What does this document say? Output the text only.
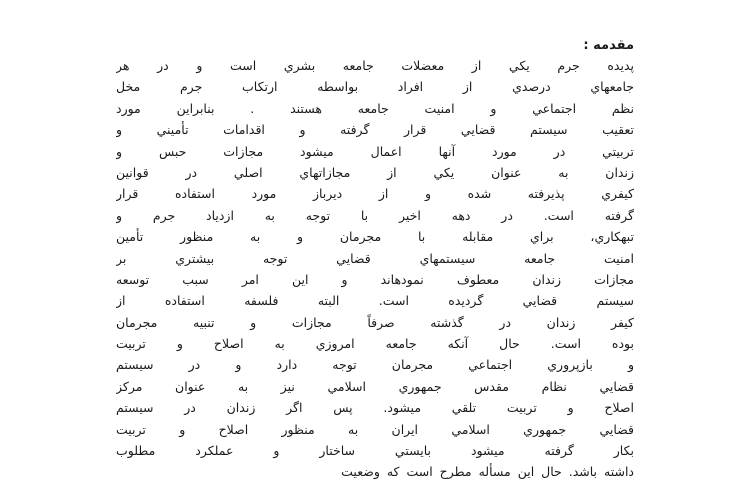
مقدمه :
پديده جرم يكي از معضلات جامعه بشري است و در هر
جامعهاي درصدي از افراد بواسطه ارتكاب جرم مخل
نظم اجتماعي و امنيت جامعه هستند . بنابراين مورد
تعقيب سيستم قضايي قرار گرفته و اقدامات تأميني و
تربيتي در مورد آنها اعمال ميشود مجازات حبس و
زندان به عنوان يكي از مجازاتهاي اصلي در قوانين
كيفري پذيرفته شده و از ديرباز مورد استفاده قرار
گرفته است. در دهه اخير با توجه به ازدياد جرم و
تبهكاري، براي مقابله با مجرمان و به منظور تأمين
امنيت جامعه سيستمهاي قضايي توجه بيشتري بر
مجازات زندان معطوف نمودهاند و اين امر سبب توسعه
سيستم قضايي گرديده است. البته فلسفه استفاده از
كيفر زندان در گذشته صرفاً مجازات و تنبيه مجرمان
بوده است. حال آنكه جامعه امروزي به اصلاح و تربيت
و بازپروري اجتماعي مجرمان توجه دارد و در سيستم
قضايي نظام مقدس جمهوري اسلامي نيز به عنوان مركز
اصلاح و تربيت تلقي ميشود. پس اگر زندان در سيستم
قضايي جمهوري اسلامي ايران به منظور اصلاح و تربيت
بكار گرفته ميشود بايستي ساختار و عملكرد مطلوب
داشته باشد. حال اين مسأله مطرح است كه وضعيت
